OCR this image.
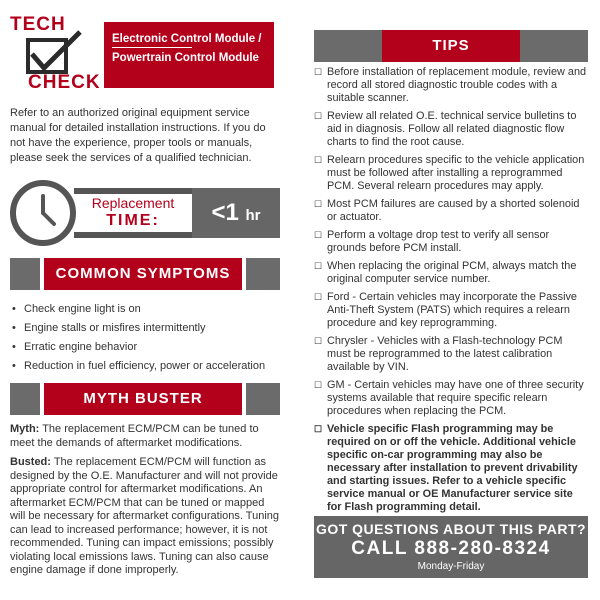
TECH
CHECK
Electronic Control Module /
Powertrain Control Module

Refer to an authorized original equipment service manual for detailed installation instructions. If you do not have the experience, proper tools or manuals, please seek the services of a qualified technician.

Replacement
TIME:	<1 hr
COMMON SYMPTOMS
• Check engine light is on
• Engine stalls or misfires intermittently
• Erratic engine behavior
• Reduction in fuel efficiency, power or acceleration
MYTH BUSTER

Myth: The replacement ECM/PCM can be tuned to meet the demands of aftermarket modifications.

Busted: The replacement ECM/PCM will function as designed by the O.E. Manufacturer and will not provide appropriate control for aftermarket modifications. An aftermarket ECM/PCM that can be tuned or mapped will be necessary for aftermarket configurations. Tuning can lead to increased performance; however, it is not recommended. Tuning can impact emissions; possibly violating local emissions laws. Tuning can also cause engine damage if done improperly.

TIPS
☐ Before installation of replacement module, review and record all stored diagnostic trouble codes with a suitable scanner.
☐ Review all related O.E. technical service bulletins to aid in diagnosis. Follow all related diagnostic flow charts to find the root cause.
☐ Relearn procedures specific to the vehicle application must be followed after installing a reprogrammed PCM. Several relearn procedures may apply.
☐ Most PCM failures are caused by a shorted solenoid or actuator.
☐ Perform a voltage drop test to verify all sensor grounds before PCM install.
☐ When replacing the original PCM, always match the original computer service number.
☐ Ford - Certain vehicles may incorporate the Passive Anti-Theft System (PATS) which requires a relearn procedure and key reprogramming.
☐ Chrysler - Vehicles with a Flash-technology PCM must be reprogrammed to the latest calibration available by VIN.
☐ GM - Certain vehicles may have one of three security systems available that require specific relearn procedures when replacing the PCM.
☐ Vehicle specific Flash programming may be required on or off the vehicle. Additional vehicle specific on-car programming may also be necessary after installation to prevent drivability and starting issues. Refer to a vehicle specific service manual or OE Manufacturer service site for Flash programming detail.
GOT QUESTIONS ABOUT THIS PART?
CALL 888-280-8324
Monday-Friday
